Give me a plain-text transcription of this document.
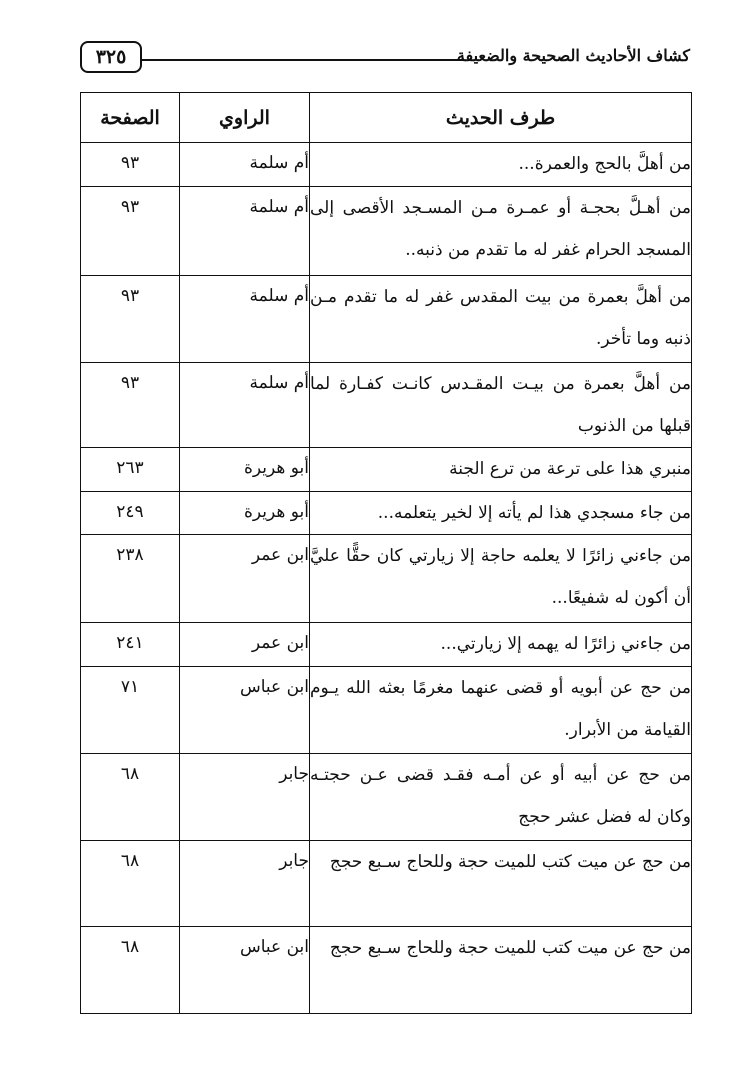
كشاف الأحاديث الصحيحة والضعيفة
٣٢٥
طرف الحديث	الراوي	الصفحة
من أهلَّ بالحج والعمرة...	أم سلمة	٩٣
من أهـلَّ بحجـة أو عمـرة مـن المسـجد الأقصى إلى المسجد الحرام غفر له ما تقدم من ذنبه..	أم سلمة	٩٣
من أهلَّ بعمرة من بيت المقدس غفر له ما تقدم مـن ذنبه وما تأخر.	أم سلمة	٩٣
من أهلَّ بعمرة من بيـت المقـدس كانـت كفـارة لما قبلها من الذنوب	أم سلمة	٩٣
منبري هذا على ترعة من ترع الجنة	أبو هريرة	٢٦٣
من جاء مسجدي هذا لم يأته إلا لخير يتعلمه...	أبو هريرة	٢٤٩
من جاءني زائرًا لا يعلمه حاجة إلا زيارتي كان حقًّا عليَّ أن أكون له شفيعًا...	ابن عمر	٢٣٨
من جاءني زائرًا له يهمه إلا زيارتي...	ابن عمر	٢٤١
من حج عن أبويه أو قضى عنهما مغرمًا بعثه الله يـوم القيامة من الأبرار.	ابن عباس	٧١
من حج عن أبيه أو عن أمـه فقـد قضى عـن حجتـه وكان له فضل عشر حجج	جابر	٦٨
من حج عن ميت كتب للميت حجة وللحاج سـبع حجج	جابر	٦٨
من حج عن ميت كتب للميت حجة وللحاج سـبع حجج	ابن عباس	٦٨
